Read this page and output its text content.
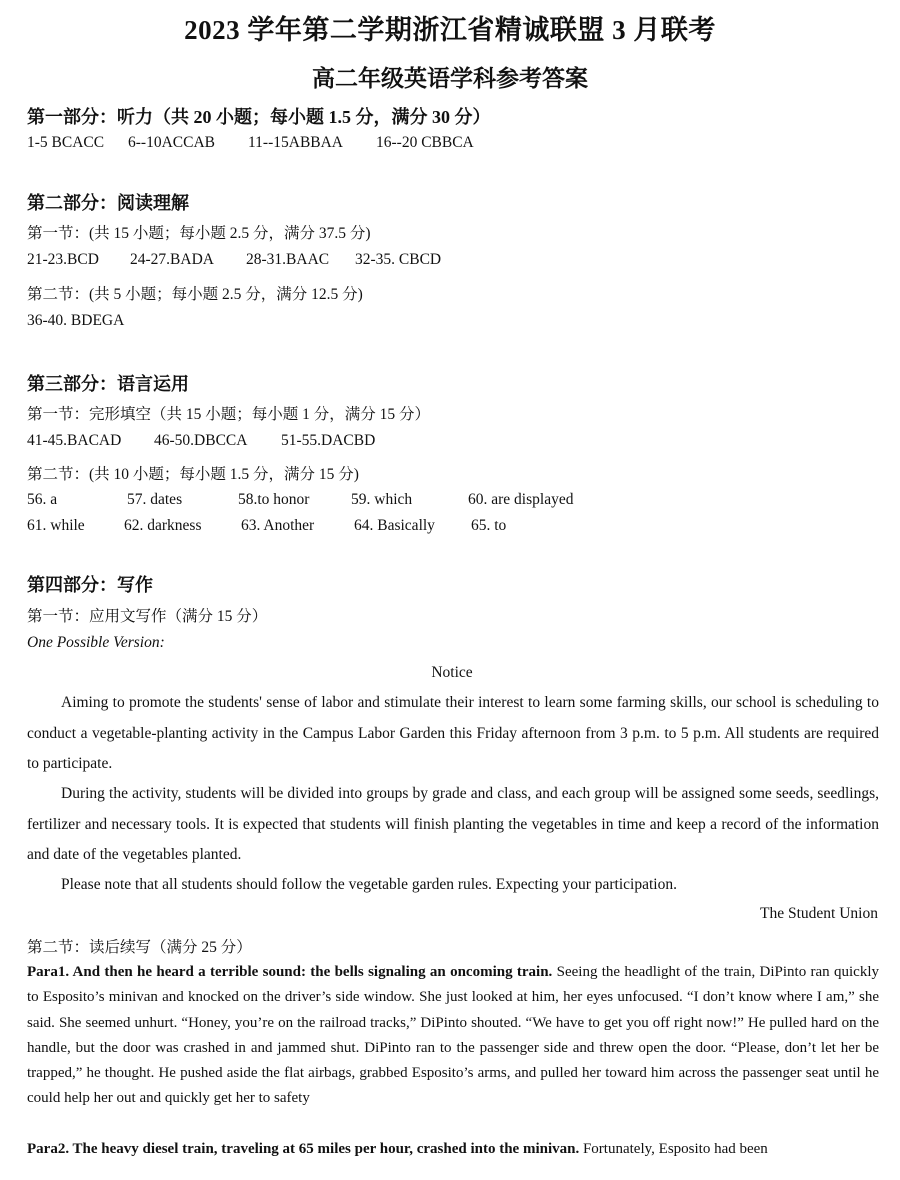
2023 学年第二学期浙江省精诚联盟 3 月联考
高二年级英语学科参考答案
第一部分：听力（共 20 小题；每小题 1.5 分，满分 30 分）
1-5 BCACC 6--10ACCAB 11--15ABBAA 16--20 CBBCA
第二部分：阅读理解
第一节：(共 15 小题；每小题 2.5 分，满分 37.5 分)
21-23.BCD 24-27.BADA 28-31.BAAC 32-35. CBCD
第二节：(共 5 小题；每小题 2.5 分，满分 12.5 分)
36-40. BDEGA
第三部分：语言运用
第一节：完形填空（共 15 小题；每小题 1 分，满分 15 分）
41-45.BACAD 46-50.DBCCA 51-55.DACBD
第二节：(共 10 小题；每小题 1.5 分，满分 15 分)
56. a	57. dates	58.to honor	59. which	60. are displayed
61. while	62. darkness	63. Another	64. Basically 65. to
第四部分：写作
第一节：应用文写作（满分 15 分）
One Possible Version:
Notice
Aiming to promote the students' sense of labor and stimulate their interest to learn some farming skills, our school is scheduling to conduct a vegetable-planting activity in the Campus Labor Garden this Friday afternoon from 3 p.m. to 5 p.m. All students are required to participate.
During the activity, students will be divided into groups by grade and class, and each group will be assigned some seeds, seedlings, fertilizer and necessary tools. It is expected that students will finish planting the vegetables in time and keep a record of the information and date of the vegetables planted.
Please note that all students should follow the vegetable garden rules. Expecting your participation.
The Student Union
第二节：读后续写（满分 25 分）
Para1. And then he heard a terrible sound: the bells signaling an oncoming train. Seeing the headlight of the train, DiPinto ran quickly to Esposito’s minivan and knocked on the driver’s side window. She just looked at him, her eyes unfocused. “I don’t know where I am,” she said. She seemed unhurt. “Honey, you’re on the railroad tracks,” DiPinto shouted. “We have to get you off right now!” He pulled hard on the handle, but the door was crashed in and jammed shut. DiPinto ran to the passenger side and threw open the door. “Please, don’t let her be trapped,” he thought. He pushed aside the flat airbags, grabbed Esposito’s arms, and pulled her toward him across the passenger seat until he could help her out and quickly get her to safety
Para2. The heavy diesel train, traveling at 65 miles per hour, crashed into the minivan. Fortunately, Esposito had been
